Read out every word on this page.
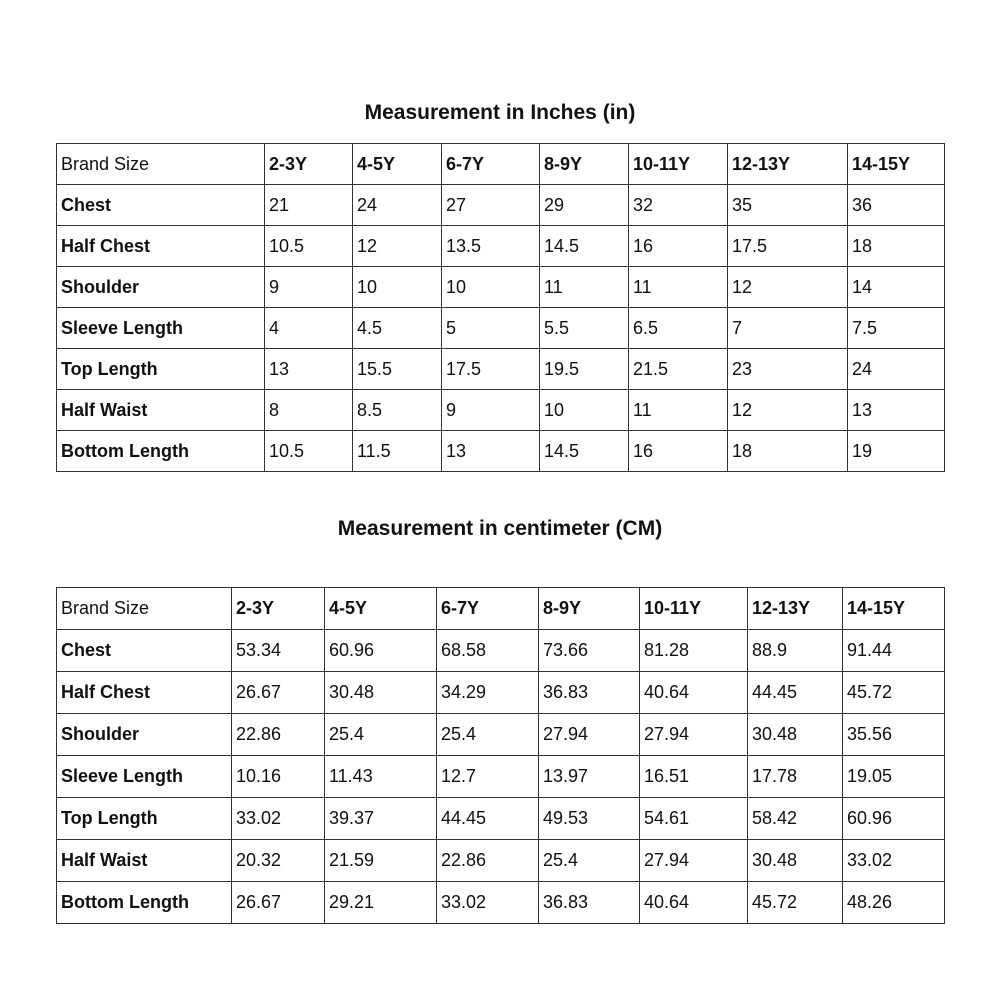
Measurement in Inches (in)
Brand Size	2-3Y	4-5Y	6-7Y	8-9Y	10-11Y	12-13Y	14-15Y
Chest	21	24	27	29	32	35	36
Half Chest	10.5	12	13.5	14.5	16	17.5	18
Shoulder	9	10	10	11	11	12	14
Sleeve Length	4	4.5	5	5.5	6.5	7	7.5
Top Length	13	15.5	17.5	19.5	21.5	23	24
Half Waist	8	8.5	9	10	11	12	13
Bottom Length	10.5	11.5	13	14.5	16	18	19
Measurement in centimeter (CM)
Brand Size	2-3Y	4-5Y	6-7Y	8-9Y	10-11Y	12-13Y	14-15Y
Chest	53.34	60.96	68.58	73.66	81.28	88.9	91.44
Half Chest	26.67	30.48	34.29	36.83	40.64	44.45	45.72
Shoulder	22.86	25.4	25.4	27.94	27.94	30.48	35.56
Sleeve Length	10.16	11.43	12.7	13.97	16.51	17.78	19.05
Top Length	33.02	39.37	44.45	49.53	54.61	58.42	60.96
Half Waist	20.32	21.59	22.86	25.4	27.94	30.48	33.02
Bottom Length	26.67	29.21	33.02	36.83	40.64	45.72	48.26
